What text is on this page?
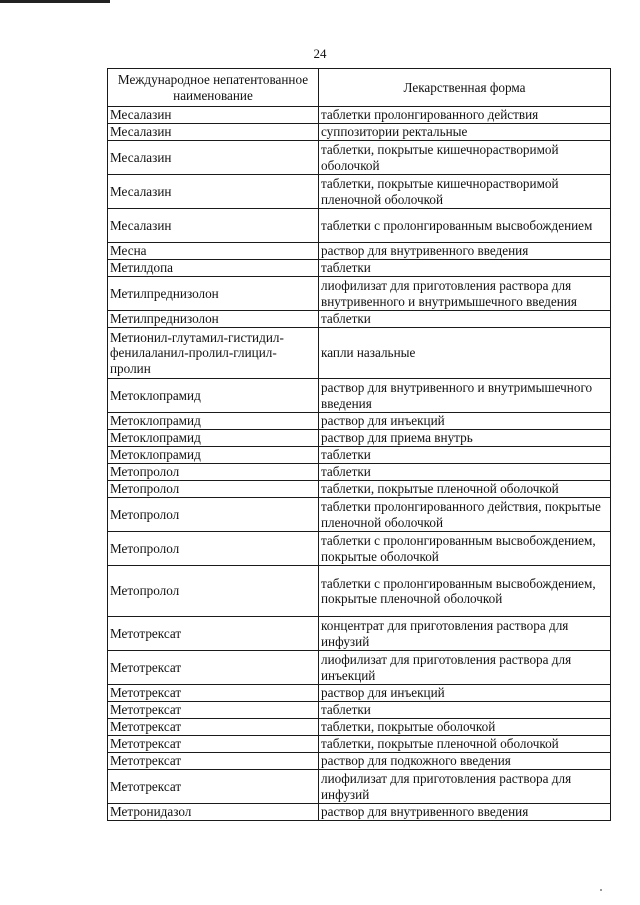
24
Международное непатентованное наименование	Лекарственная форма
Месалазин	таблетки пролонгированного действия
Месалазин	суппозитории ректальные
Месалазин	таблетки, покрытые кишечнорастворимой оболочкой
Месалазин	таблетки, покрытые кишечнорастворимой пленочной оболочкой
Месалазин	таблетки с пролонгированным высвобождением
Месна	раствор для внутривенного введения
Метилдопа	таблетки
Метилпреднизолон	лиофилизат для приготовления раствора для внутривенного и внутримышечного введения
Метилпреднизолон	таблетки
Метионил-глутамил-гистидил-фенилаланил-пролил-глицил-пролин	капли назальные
Метоклопрамид	раствор для внутривенного и внутримышечного введения
Метоклопрамид	раствор для инъекций
Метоклопрамид	раствор для приема внутрь
Метоклопрамид	таблетки
Метопролол	таблетки
Метопролол	таблетки, покрытые пленочной оболочкой
Метопролол	таблетки пролонгированного действия, покрытые пленочной оболочкой
Метопролол	таблетки с пролонгированным высвобождением, покрытые оболочкой
Метопролол	таблетки с пролонгированным высвобождением, покрытые пленочной оболочкой
Метотрексат	концентрат для приготовления раствора для инфузий
Метотрексат	лиофилизат для приготовления раствора для инъекций
Метотрексат	раствор для инъекций
Метотрексат	таблетки
Метотрексат	таблетки, покрытые оболочкой
Метотрексат	таблетки, покрытые пленочной оболочкой
Метотрексат	раствор для подкожного введения
Метотрексат	лиофилизат для приготовления раствора для инфузий
Метронидазол	раствор для внутривенного введения
